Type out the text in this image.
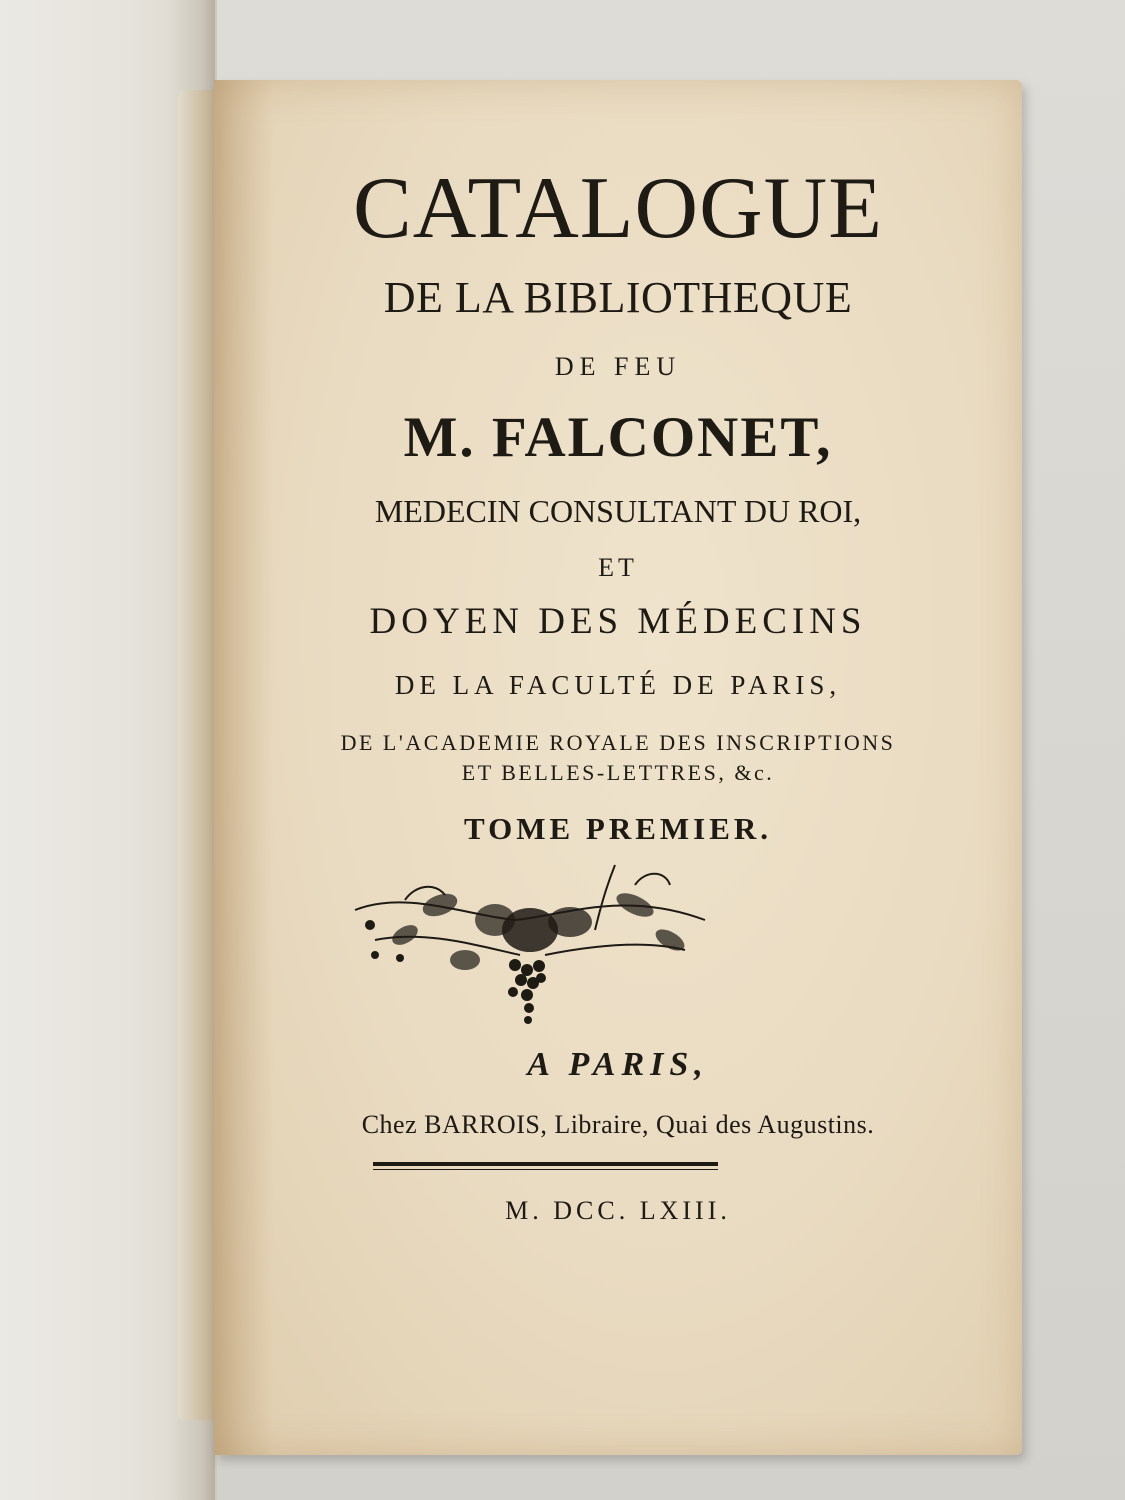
CATALOGUE
DE LA BIBLIOTHEQUE
DE FEU
M. FALCONET,
MEDECIN CONSULTANT DU ROI,
ET
DOYEN DES MÉDECINS
DE LA FACULTÉ DE PARIS,
DE L'ACADEMIE ROYALE DES INSCRIPTIONS
ET BELLES-LETTRES, &c.
TOME PREMIER.
A PARIS,
Chez BARROIS, Libraire, Quai des Augustins.
M. DCC. LXIII.
